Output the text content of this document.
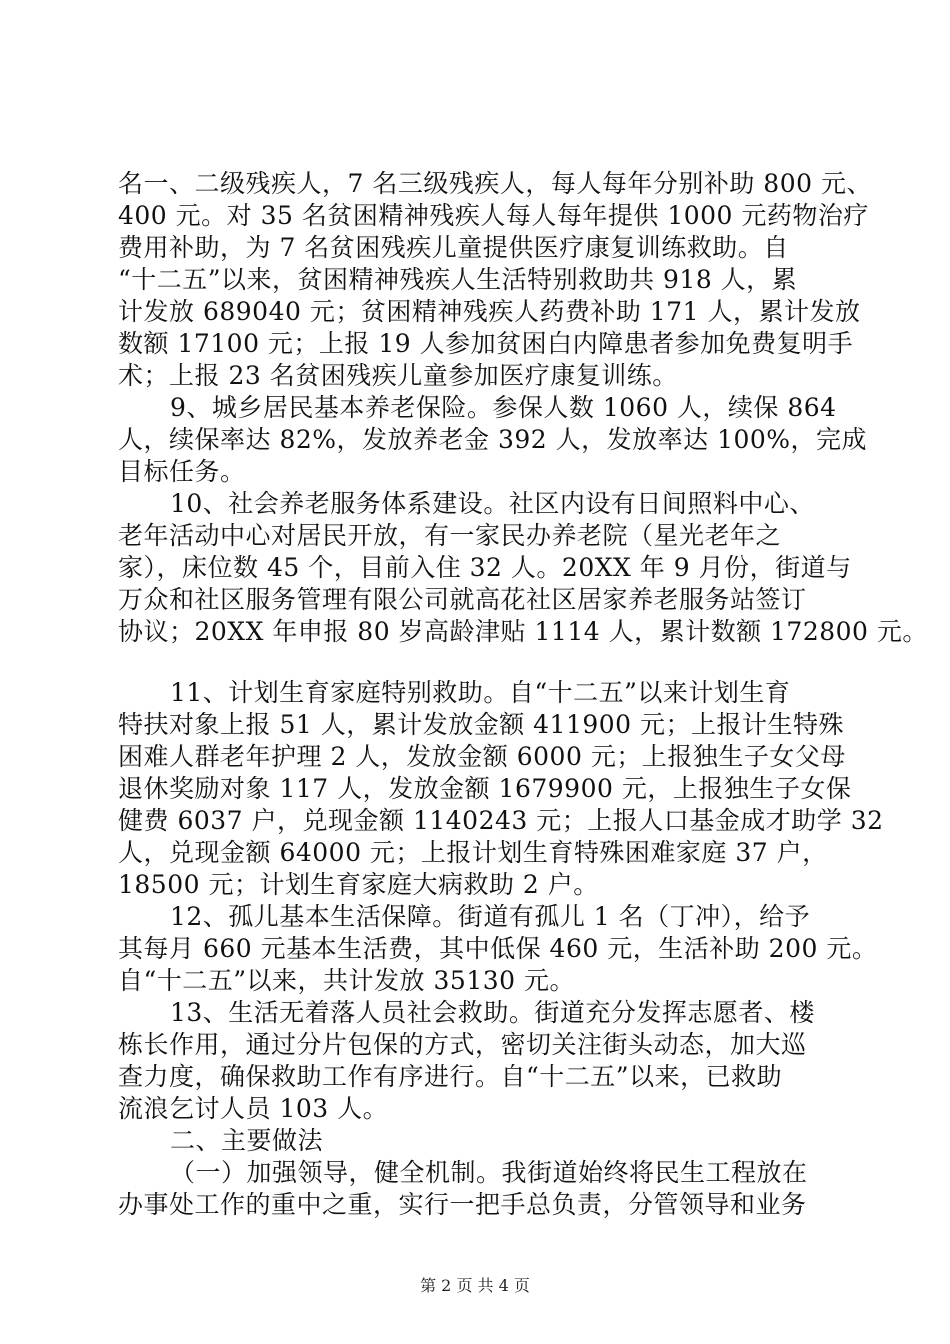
名一、二级残疾人，7 名三级残疾人，每人每年分别补助 800 元、
400 元。对 35 名贫困精神残疾人每人每年提供 1000 元药物治疗
费用补助，为 7 名贫困残疾儿童提供医疗康复训练救助。自
“十二五”以来，贫困精神残疾人生活特别救助共 918 人，累
计发放 689040 元；贫困精神残疾人药费补助 171 人，累计发放
数额 17100 元；上报 19 人参加贫困白内障患者参加免费复明手
术；上报 23 名贫困残疾儿童参加医疗康复训练。
9、城乡居民基本养老保险。参保人数 1060 人，续保 864
人，续保率达 82%，发放养老金 392 人，发放率达 100%，完成
目标任务。
10、社会养老服务体系建设。社区内设有日间照料中心、
老年活动中心对居民开放，有一家民办养老院（星光老年之
家），床位数 45 个，目前入住 32 人。20XX 年 9 月份，街道与
万众和社区服务管理有限公司就高花社区居家养老服务站签订
协议；20XX 年申报 80 岁高龄津贴 1114 人，累计数额 172800 元。
11、计划生育家庭特别救助。自“十二五”以来计划生育
特扶对象上报 51 人，累计发放金额 411900 元；上报计生特殊
困难人群老年护理 2 人，发放金额 6000 元；上报独生子女父母
退休奖励对象 117 人，发放金额 1679900 元，上报独生子女保
健费 6037 户，兑现金额 1140243 元；上报人口基金成才助学 32
人，兑现金额 64000 元；上报计划生育特殊困难家庭 37 户，
18500 元；计划生育家庭大病救助 2 户。
12、孤儿基本生活保障。街道有孤儿 1 名（丁冲），给予
其每月 660 元基本生活费，其中低保 460 元，生活补助 200 元。
自“十二五”以来，共计发放 35130 元。
13、生活无着落人员社会救助。街道充分发挥志愿者、楼
栋长作用，通过分片包保的方式，密切关注街头动态，加大巡
查力度，确保救助工作有序进行。自“十二五”以来，已救助
流浪乞讨人员 103 人。
二、主要做法
（一）加强领导，健全机制。我街道始终将民生工程放在
办事处工作的重中之重，实行一把手总负责，分管领导和业务
第 2 页 共 4 页
